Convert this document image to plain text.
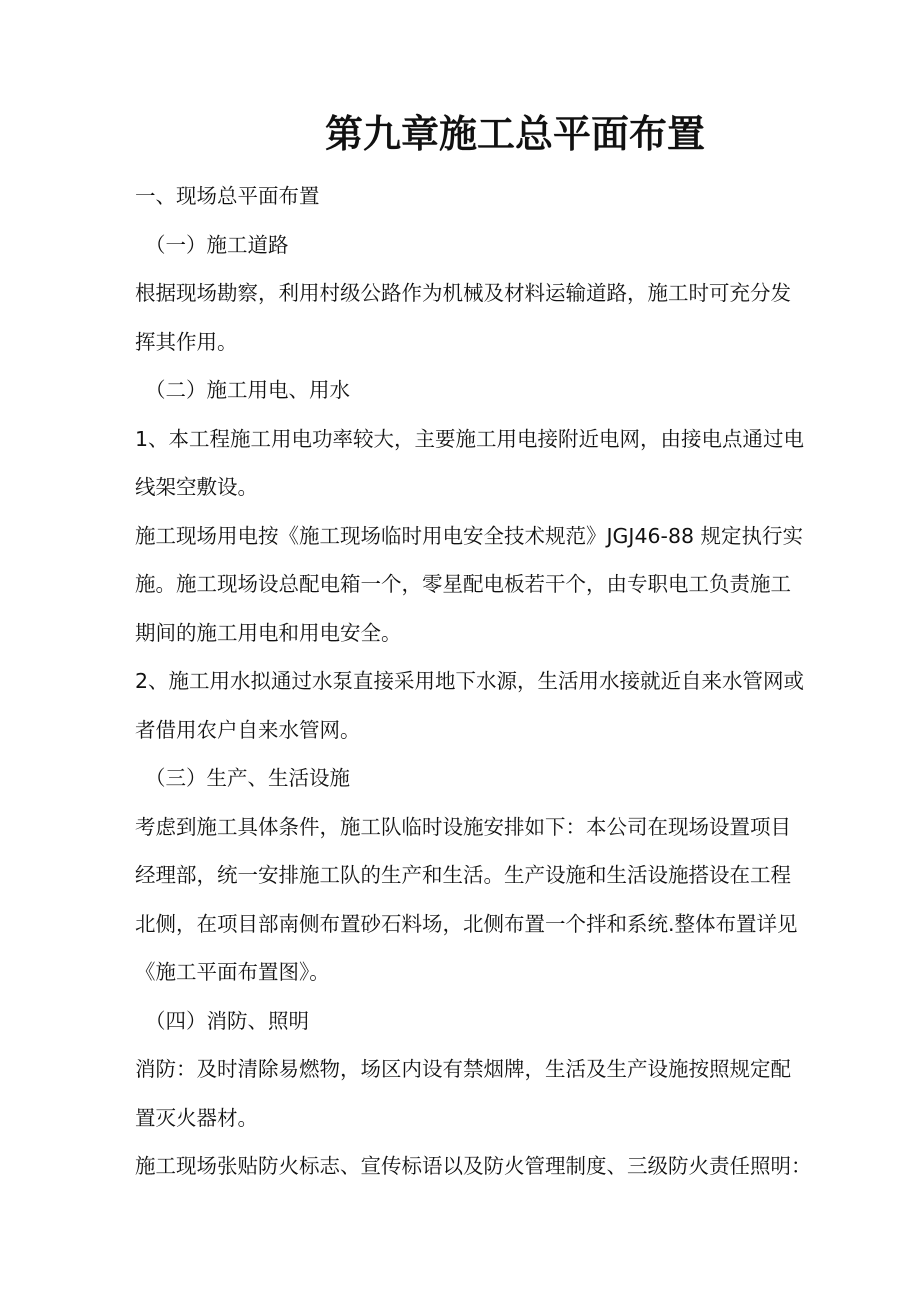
第九章施工总平面布置

一、现场总平面布置

（一）施工道路

根据现场勘察，利用村级公路作为机械及材料运输道路，施工时可充分发

挥其作用。

（二）施工用电、用水

1、本工程施工用电功率较大，主要施工用电接附近电网，由接电点通过电

线架空敷设。

施工现场用电按《施工现场临时用电安全技术规范》JGJ46-88 规定执行实

施。施工现场设总配电箱一个，零星配电板若干个，由专职电工负责施工

期间的施工用电和用电安全。

2、施工用水拟通过水泵直接采用地下水源，生活用水接就近自来水管网或

者借用农户自来水管网。

（三）生产、生活设施

考虑到施工具体条件，施工队临时设施安排如下：本公司在现场设置项目

经理部，统一安排施工队的生产和生活。生产设施和生活设施搭设在工程

北侧，在项目部南侧布置砂石料场，北侧布置一个拌和系统.整体布置详见

《施工平面布置图》。

（四）消防、照明

消防：及时清除易燃物，场区内设有禁烟牌，生活及生产设施按照规定配

置灭火器材。

施工现场张贴防火标志、宣传标语以及防火管理制度、三级防火责任照明：
